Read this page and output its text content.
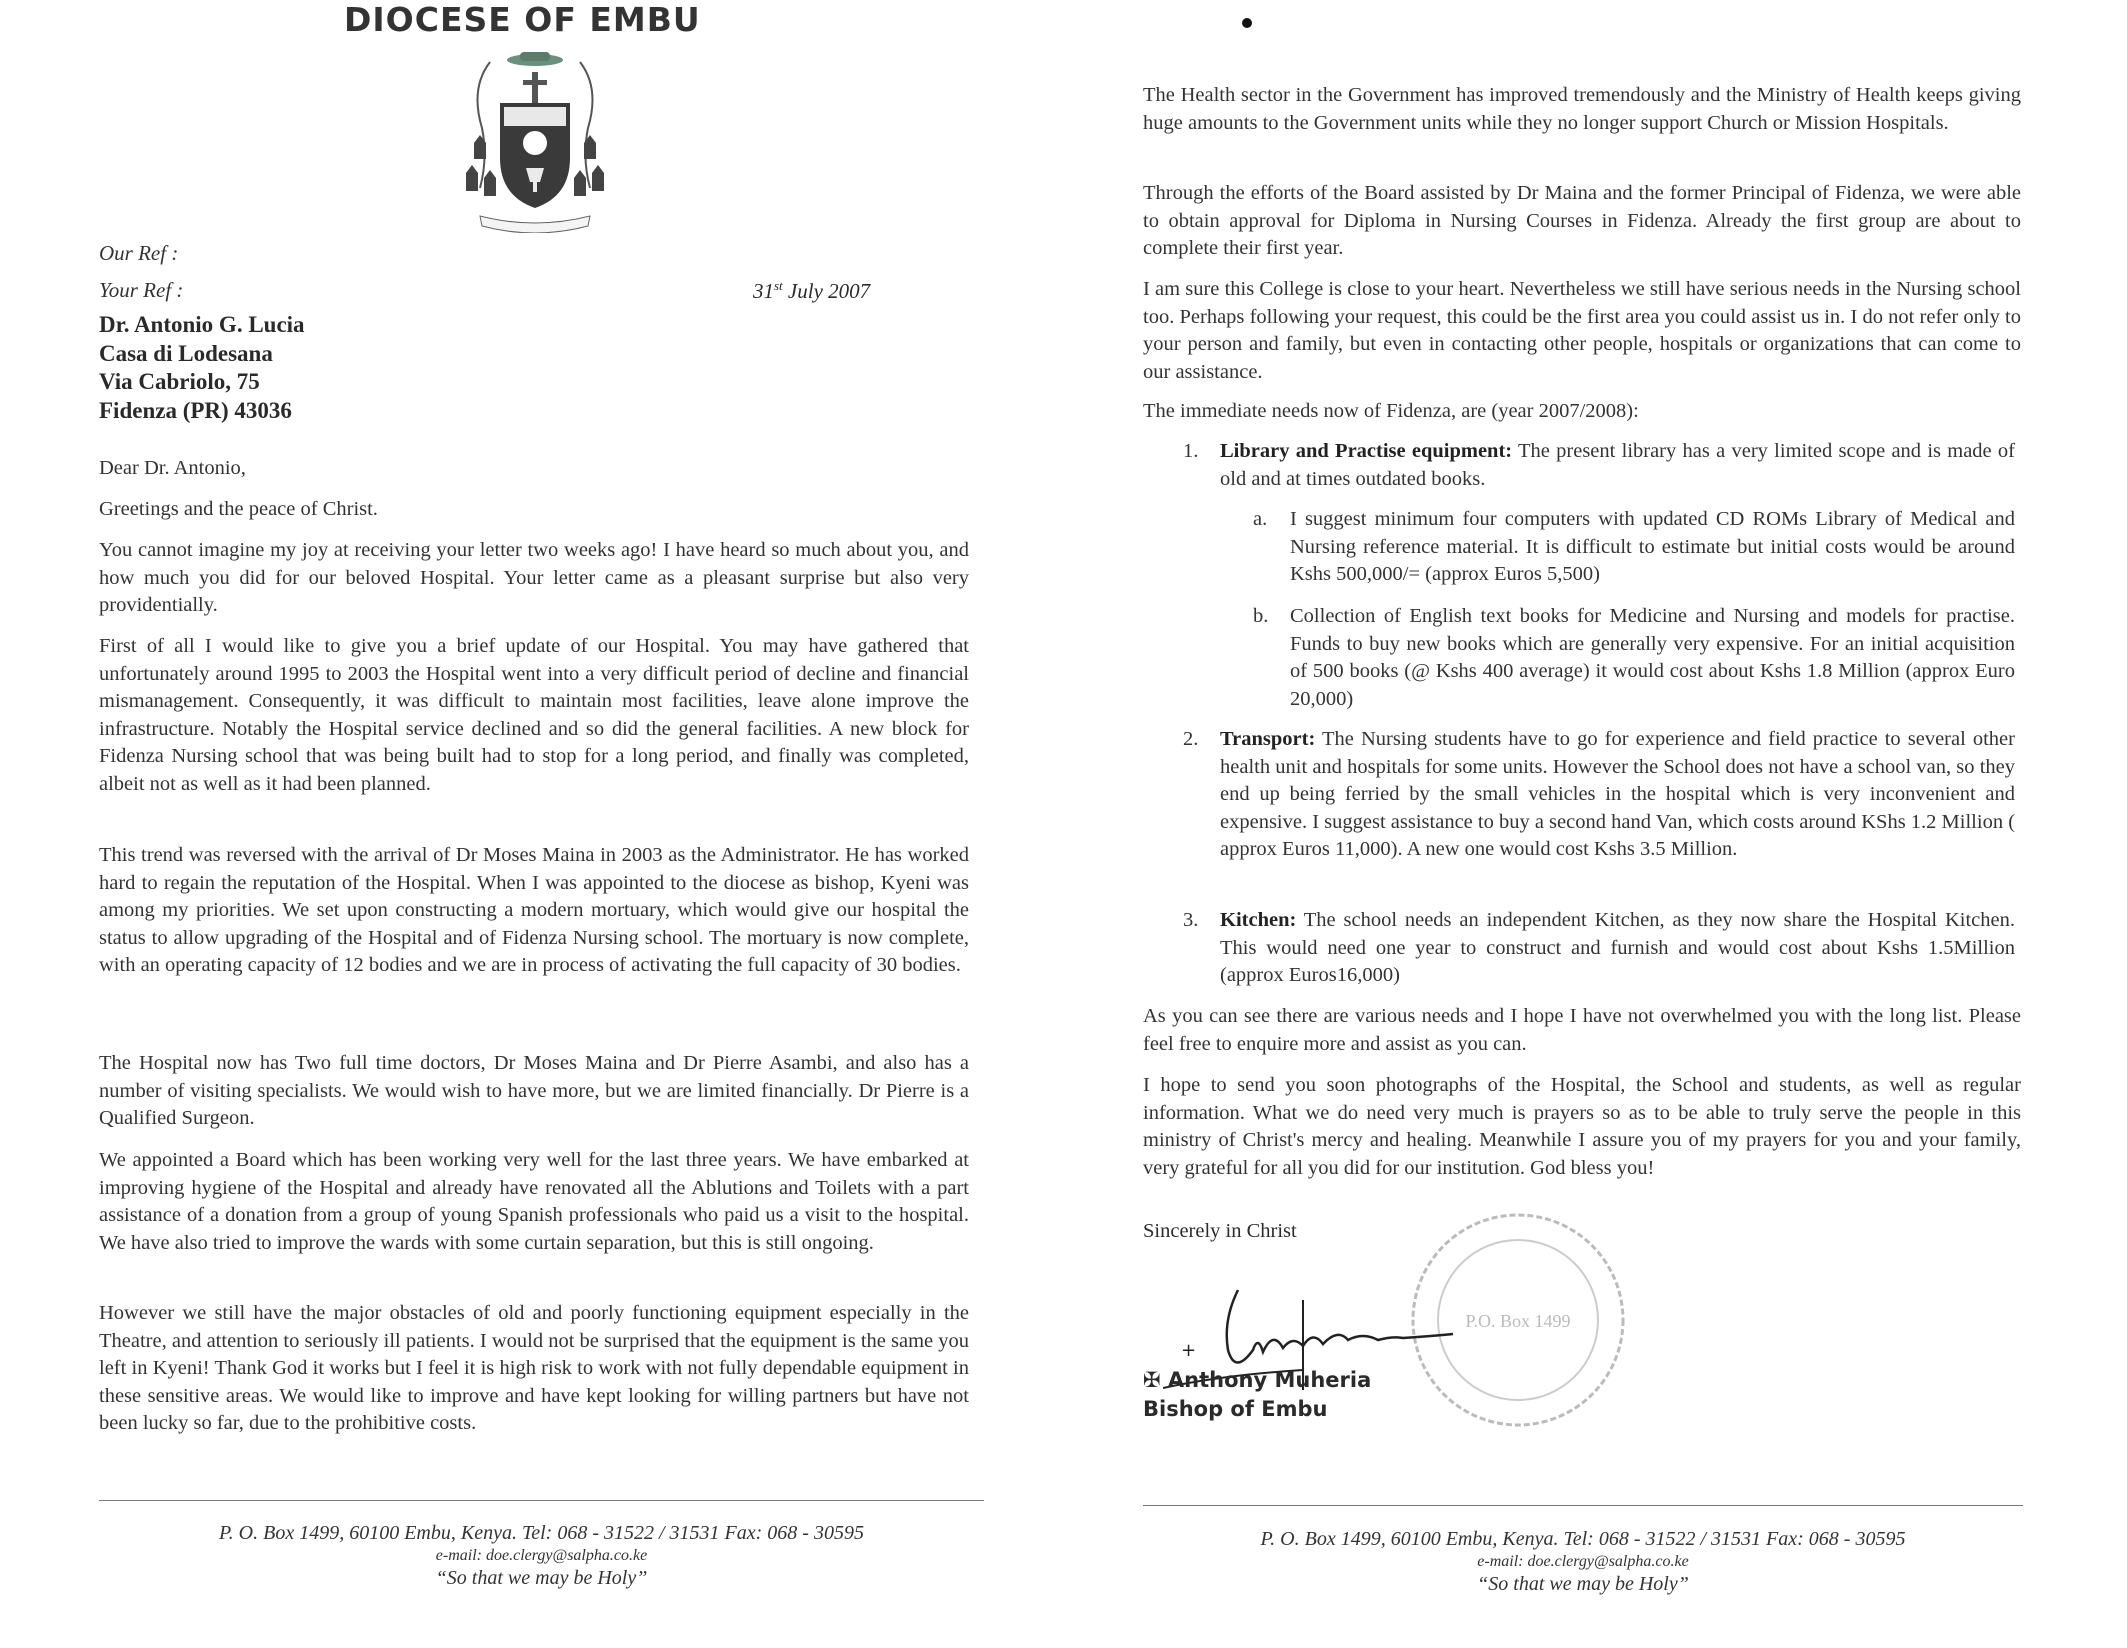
DIOCESE OF EMBU
Our Ref :
Your Ref :	31st July 2007
Dr. Antonio G. Lucia
Casa di Lodesana
Via Cabriolo, 75
Fidenza (PR) 43036
Dear Dr. Antonio,
Greetings and the peace of Christ.

You cannot imagine my joy at receiving your letter two weeks ago! I have heard so much about you, and how much you did for our beloved Hospital. Your letter came as a pleasant surprise but also very providentially.

First of all I would like to give you a brief update of our Hospital. You may have gathered that unfortunately around 1995 to 2003 the Hospital went into a very difficult period of decline and financial mismanagement. Consequently, it was difficult to maintain most facilities, leave alone improve the infrastructure. Notably the Hospital service declined and so did the general facilities. A new block for Fidenza Nursing school that was being built had to stop for a long period, and finally was completed, albeit not as well as it had been planned.

This trend was reversed with the arrival of Dr Moses Maina in 2003 as the Administrator. He has worked hard to regain the reputation of the Hospital. When I was appointed to the diocese as bishop, Kyeni was among my priorities. We set upon constructing a modern mortuary, which would give our hospital the status to allow upgrading of the Hospital and of Fidenza Nursing school. The mortuary is now complete, with an operating capacity of 12 bodies and we are in process of activating the full capacity of 30 bodies.

The Hospital now has Two full time doctors, Dr Moses Maina and Dr Pierre Asambi, and also has a number of visiting specialists. We would wish to have more, but we are limited financially. Dr Pierre is a Qualified Surgeon.

We appointed a Board which has been working very well for the last three years. We have embarked at improving hygiene of the Hospital and already have renovated all the Ablutions and Toilets with a part assistance of a donation from a group of young Spanish professionals who paid us a visit to the hospital. We have also tried to improve the wards with some curtain separation, but this is still ongoing.

However we still have the major obstacles of old and poorly functioning equipment especially in the Theatre, and attention to seriously ill patients. I would not be surprised that the equipment is the same you left in Kyeni! Thank God it works but I feel it is high risk to work with not fully dependable equipment in these sensitive areas. We would like to improve and have kept looking for willing partners but have not been lucky so far, due to the prohibitive costs.

P. O. Box 1499, 60100 Embu, Kenya. Tel: 068 - 31522 / 31531 Fax: 068 - 30595
e-mail: doe.clergy@salpha.co.ke
“So that we may be Holy”

The Health sector in the Government has improved tremendously and the Ministry of Health keeps giving huge amounts to the Government units while they no longer support Church or Mission Hospitals.

Through the efforts of the Board assisted by Dr Maina and the former Principal of Fidenza, we were able to obtain approval for Diploma in Nursing Courses in Fidenza. Already the first group are about to complete their first year.

I am sure this College is close to your heart. Nevertheless we still have serious needs in the Nursing school too. Perhaps following your request, this could be the first area you could assist us in. I do not refer only to your person and family, but even in contacting other people, hospitals or organizations that can come to our assistance.

The immediate needs now of Fidenza, are (year 2007/2008):

1. Library and Practise equipment: The present library has a very limited scope and is made of old and at times outdated books.
a. I suggest minimum four computers with updated CD ROMs Library of Medical and Nursing reference material. It is difficult to estimate but initial costs would be around Kshs 500,000/= (approx Euros 5,500)
b. Collection of English text books for Medicine and Nursing and models for practise. Funds to buy new books which are generally very expensive. For an initial acquisition of 500 books (@ Kshs 400 average) it would cost about Kshs 1.8 Million (approx Euro 20,000)
2. Transport: The Nursing students have to go for experience and field practice to several other health unit and hospitals for some units. However the School does not have a school van, so they end up being ferried by the small vehicles in the hospital which is very inconvenient and expensive. I suggest assistance to buy a second hand Van, which costs around KShs 1.2 Million ( approx Euros 11,000). A new one would cost Kshs 3.5 Million.
3. Kitchen: The school needs an independent Kitchen, as they now share the Hospital Kitchen. This would need one year to construct and furnish and would cost about Kshs 1.5Million (approx Euros16,000)

As you can see there are various needs and I hope I have not overwhelmed you with the long list. Please feel free to enquire more and assist as you can.

I hope to send you soon photographs of the Hospital, the School and students, as well as regular information. What we do need very much is prayers so as to be able to truly serve the people in this ministry of Christ's mercy and healing. Meanwhile I assure you of my prayers for you and your family, very grateful for all you did for our institution. God bless you!

Sincerely in Christ
P.O. Box 1499
+
✠ Anthony Muheria
Bishop of Embu
P. O. Box 1499, 60100 Embu, Kenya. Tel: 068 - 31522 / 31531 Fax: 068 - 30595
e-mail: doe.clergy@salpha.co.ke
“So that we may be Holy”
